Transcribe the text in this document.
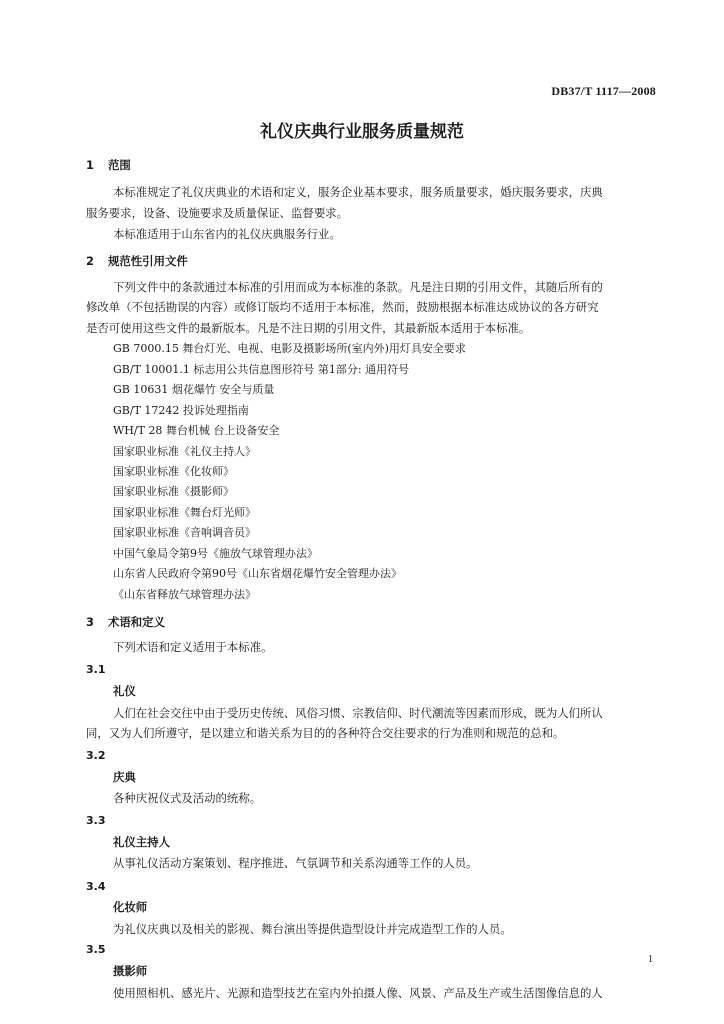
DB37/T 1117—2008
礼仪庆典行业服务质量规范
1 范围
本标准规定了礼仪庆典业的术语和定义，服务企业基本要求，服务质量要求，婚庆服务要求，庆典
服务要求，设备、设施要求及质量保证、监督要求。
本标准适用于山东省内的礼仪庆典服务行业。
2 规范性引用文件
下列文件中的条款通过本标准的引用而成为本标准的条款。凡是注日期的引用文件，其随后所有的
修改单（不包括勘误的内容）或修订版均不适用于本标准，然而，鼓励根据本标准达成协议的各方研究
是否可使用这些文件的最新版本。凡是不注日期的引用文件，其最新版本适用于本标准。
GB 7000.15 舞台灯光、电视、电影及摄影场所(室内外)用灯具安全要求
GB/T 10001.1 标志用公共信息图形符号 第1部分: 通用符号
GB 10631 烟花爆竹 安全与质量
GB/T 17242 投诉处理指南
WH/T 28 舞台机械 台上设备安全
国家职业标准《礼仪主持人》
国家职业标准《化妆师》
国家职业标准《摄影师》
国家职业标准《舞台灯光师》
国家职业标准《音响调音员》
中国气象局令第9号《施放气球管理办法》
山东省人民政府令第90号《山东省烟花爆竹安全管理办法》
《山东省释放气球管理办法》
3 术语和定义
下列术语和定义适用于本标准。
3.1
礼仪
人们在社会交往中由于受历史传统、风俗习惯、宗教信仰、时代潮流等因素而形成，既为人们所认
同，又为人们所遵守，是以建立和谐关系为目的的各种符合交往要求的行为准则和规范的总和。
3.2
庆典
各种庆祝仪式及活动的统称。
3.3
礼仪主持人
从事礼仪活动方案策划、程序推进、气氛调节和关系沟通等工作的人员。
3.4
化妆师
为礼仪庆典以及相关的影视、舞台演出等提供造型设计并完成造型工作的人员。
3.5
摄影师
使用照相机、感光片、光源和造型技艺在室内外拍摄人像、风景、产品及生产或生活图像信息的人
1
